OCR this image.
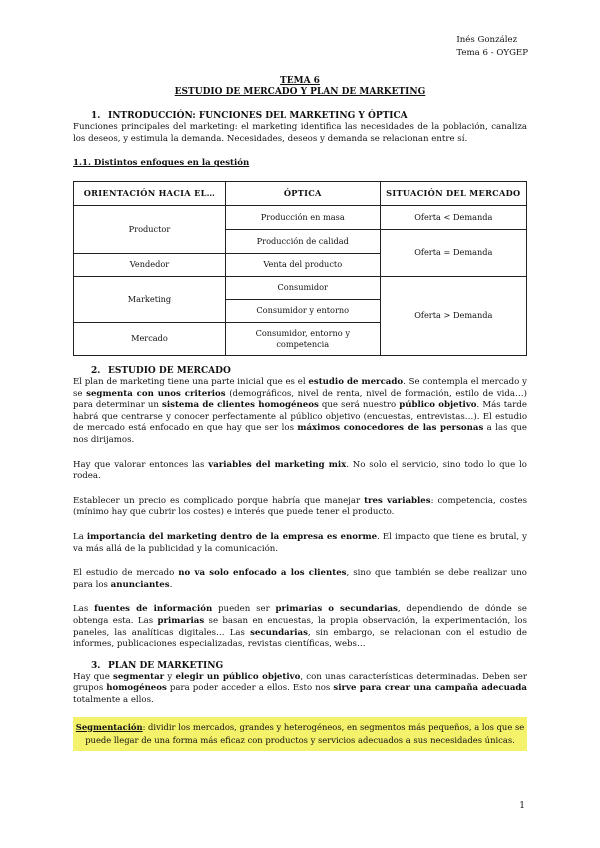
Inés González
Tema 6 - OYGEP
TEMA 6
ESTUDIO DE MERCADO Y PLAN DE MARKETING
1. INTRODUCCIÓN: FUNCIONES DEL MARKETING Y ÓPTICA

Funciones principales del marketing: el marketing identifica las necesidades de la población, canaliza los deseos, y estimula la demanda. Necesidades, deseos y demanda se relacionan entre sí.

1.1. Distintos enfoques en la gestión
ORIENTACIÓN HACIA EL…	ÓPTICA	SITUACIÓN DEL MERCADO
Productor	Producción en masa	Oferta < Demanda
	Producción de calidad	Oferta = Demanda
Vendedor	Venta del producto	
Marketing	Consumidor	Oferta > Demanda
	Consumidor y entorno	
Mercado	Consumidor, entorno y competencia	
2. ESTUDIO DE MERCADO

El plan de marketing tiene una parte inicial que es el estudio de mercado. Se contempla el mercado y se segmenta con unos criterios (demográficos, nivel de renta, nivel de formación, estilo de vida…) para determinar un sistema de clientes homogéneos que será nuestro público objetivo. Más tarde habrá que centrarse y conocer perfectamente al público objetivo (encuestas, entrevistas…). El estudio de mercado está enfocado en que hay que ser los máximos conocedores de las personas a las que nos dirijamos.

Hay que valorar entonces las variables del marketing mix. No solo el servicio, sino todo lo que lo rodea.

Establecer un precio es complicado porque habría que manejar tres variables: competencia, costes (mínimo hay que cubrir los costes) e interés que puede tener el producto.

La importancia del marketing dentro de la empresa es enorme. El impacto que tiene es brutal, y va más allá de la publicidad y la comunicación.

El estudio de mercado no va solo enfocado a los clientes, sino que también se debe realizar uno para los anunciantes.

Las fuentes de información pueden ser primarias o secundarias, dependiendo de dónde se obtenga esta. Las primarias se basan en encuestas, la propia observación, la experimentación, los paneles, las analíticas digitales… Las secundarias, sin embargo, se relacionan con el estudio de informes, publicaciones especializadas, revistas científicas, webs…

3. PLAN DE MARKETING

Hay que segmentar y elegir un público objetivo, con unas características determinadas. Deben ser grupos homogéneos para poder acceder a ellos. Esto nos sirve para crear una campaña adecuada totalmente a ellos.

Segmentación: dividir los mercados, grandes y heterogéneos, en segmentos más pequeños, a los que se puede llegar de una forma más eficaz con productos y servicios adecuados a sus necesidades únicas.
1
